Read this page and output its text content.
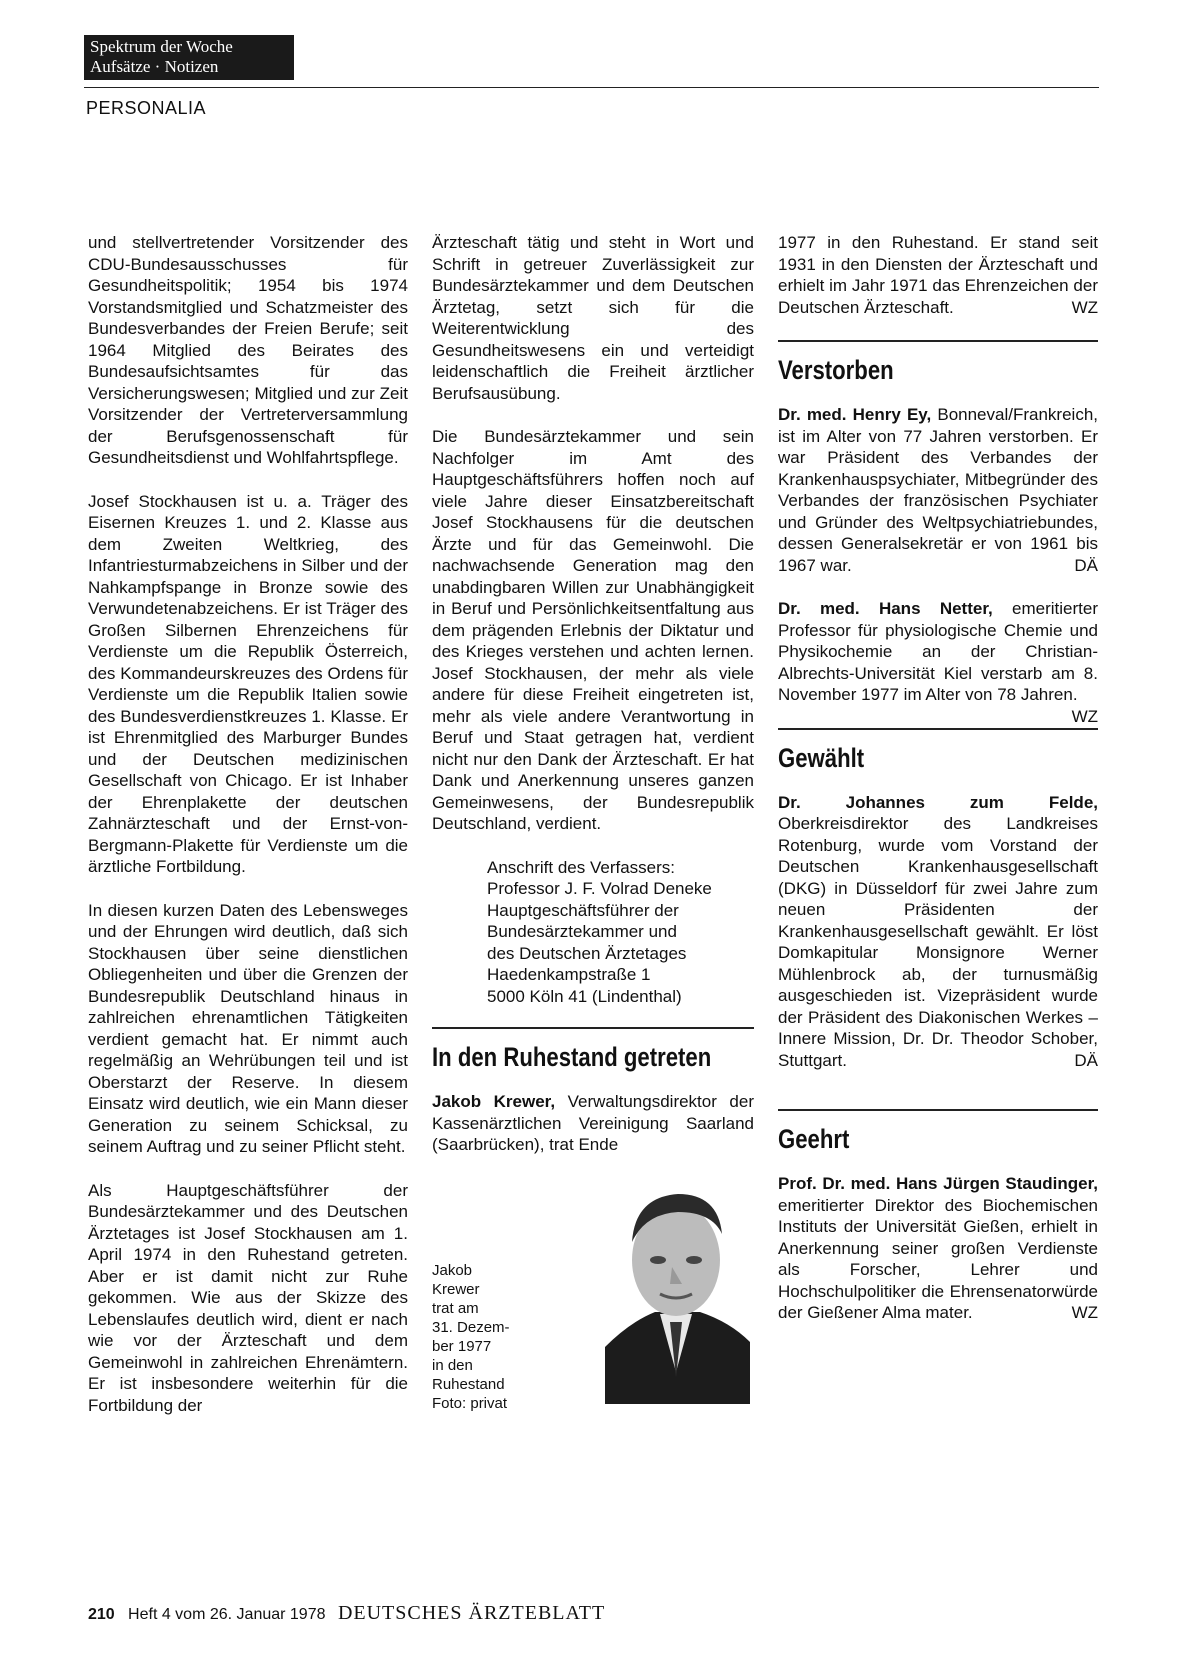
Spektrum der Woche
Aufsätze · Notizen
PERSONALIA

und stellvertretender Vorsitzender des CDU-Bundesausschusses für Gesundheitspolitik; 1954 bis 1974 Vorstandsmitglied und Schatzmeister des Bundesverbandes der Freien Berufe; seit 1964 Mitglied des Beirates des Bundesaufsichtsamtes für das Versicherungswesen; Mitglied und zur Zeit Vorsitzender der Vertreterversammlung der Berufsgenossenschaft für Gesundheitsdienst und Wohlfahrtspflege.

Josef Stockhausen ist u. a. Träger des Eisernen Kreuzes 1. und 2. Klasse aus dem Zweiten Weltkrieg, des Infantriesturmabzeichens in Silber und der Nahkampfspange in Bronze sowie des Verwundetenabzeichens. Er ist Träger des Großen Silbernen Ehrenzeichens für Verdienste um die Republik Österreich, des Kommandeurskreuzes des Ordens für Verdienste um die Republik Italien sowie des Bundesverdienstkreuzes 1. Klasse. Er ist Ehrenmitglied des Marburger Bundes und der Deutschen medizinischen Gesellschaft von Chicago. Er ist Inhaber der Ehrenplakette der deutschen Zahnärzteschaft und der Ernst-von-Bergmann-Plakette für Verdienste um die ärztliche Fortbildung.

In diesen kurzen Daten des Lebensweges und der Ehrungen wird deutlich, daß sich Stockhausen über seine dienstlichen Obliegenheiten und über die Grenzen der Bundesrepublik Deutschland hinaus in zahlreichen ehrenamtlichen Tätigkeiten verdient gemacht hat. Er nimmt auch regelmäßig an Wehrübungen teil und ist Oberstarzt der Reserve. In diesem Einsatz wird deutlich, wie ein Mann dieser Generation zu seinem Schicksal, zu seinem Auftrag und zu seiner Pflicht steht.

Als Hauptgeschäftsführer der Bundesärztekammer und des Deutschen Ärztetages ist Josef Stockhausen am 1. April 1974 in den Ruhestand getreten. Aber er ist damit nicht zur Ruhe gekommen. Wie aus der Skizze des Lebenslaufes deutlich wird, dient er nach wie vor der Ärzteschaft und dem Gemeinwohl in zahlreichen Ehrenämtern. Er ist insbesondere weiterhin für die Fortbildung der

Ärzteschaft tätig und steht in Wort und Schrift in getreuer Zuverlässigkeit zur Bundesärztekammer und dem Deutschen Ärztetag, setzt sich für die Weiterentwicklung des Gesundheitswesens ein und verteidigt leidenschaftlich die Freiheit ärztlicher Berufsausübung.

Die Bundesärztekammer und sein Nachfolger im Amt des Hauptgeschäftsführers hoffen noch auf viele Jahre dieser Einsatzbereitschaft Josef Stockhausens für die deutschen Ärzte und für das Gemeinwohl. Die nachwachsende Generation mag den unabdingbaren Willen zur Unabhängigkeit in Beruf und Persönlichkeitsentfaltung aus dem prägenden Erlebnis der Diktatur und des Krieges verstehen und achten lernen. Josef Stockhausen, der mehr als viele andere für diese Freiheit eingetreten ist, mehr als viele andere Verantwortung in Beruf und Staat getragen hat, verdient nicht nur den Dank der Ärzteschaft. Er hat Dank und Anerkennung unseres ganzen Gemeinwesens, der Bundesrepublik Deutschland, verdient.

Anschrift des Verfassers:
Professor J. F. Volrad Deneke
Hauptgeschäftsführer der
Bundesärztekammer und
des Deutschen Ärztetages
Haedenkampstraße 1
5000 Köln 41 (Lindenthal)
In den Ruhestand getreten

Jakob Krewer, Verwaltungsdirektor der Kassenärztlichen Vereinigung Saarland (Saarbrücken), trat Ende

Jakob
Krewer
trat am
31. Dezem-
ber 1977
in den
Ruhestand
Foto: privat

1977 in den Ruhestand. Er stand seit 1931 in den Diensten der Ärzteschaft und erhielt im Jahr 1971 das Ehrenzeichen der Deutschen Ärzteschaft.	WZ

Verstorben

Dr. med. Henry Ey, Bonneval/Frankreich, ist im Alter von 77 Jahren verstorben. Er war Präsident des Verbandes der Krankenhauspsychiater, Mitbegründer des Verbandes der französischen Psychiater und Gründer des Weltpsychiatriebundes, dessen Generalsekretär er von 1961 bis 1967 war.	DÄ

Dr. med. Hans Netter, emeritierter Professor für physiologische Chemie und Physikochemie an der Christian-Albrechts-Universität Kiel verstarb am 8. November 1977 im Alter von 78 Jahren.
WZ

Gewählt

Dr. Johannes zum Felde, Oberkreisdirektor des Landkreises Rotenburg, wurde vom Vorstand der Deutschen Krankenhausgesellschaft (DKG) in Düsseldorf für zwei Jahre zum neuen Präsidenten der Krankenhausgesellschaft gewählt. Er löst Domkapitular Monsignore Werner Mühlenbrock ab, der turnusmäßig ausgeschieden ist. Vizepräsident wurde der Präsident des Diakonischen Werkes – Innere Mission, Dr. Dr. Theodor Schober, Stuttgart.	DÄ

Geehrt

Prof. Dr. med. Hans Jürgen Staudinger, emeritierter Direktor des Biochemischen Instituts der Universität Gießen, erhielt in Anerkennung seiner großen Verdienste als Forscher, Lehrer und Hochschulpolitiker die Ehrensenatorwürde der Gießener Alma mater.	WZ

210 Heft 4 vom 26. Januar 1978 DEUTSCHES ÄRZTEBLATT
